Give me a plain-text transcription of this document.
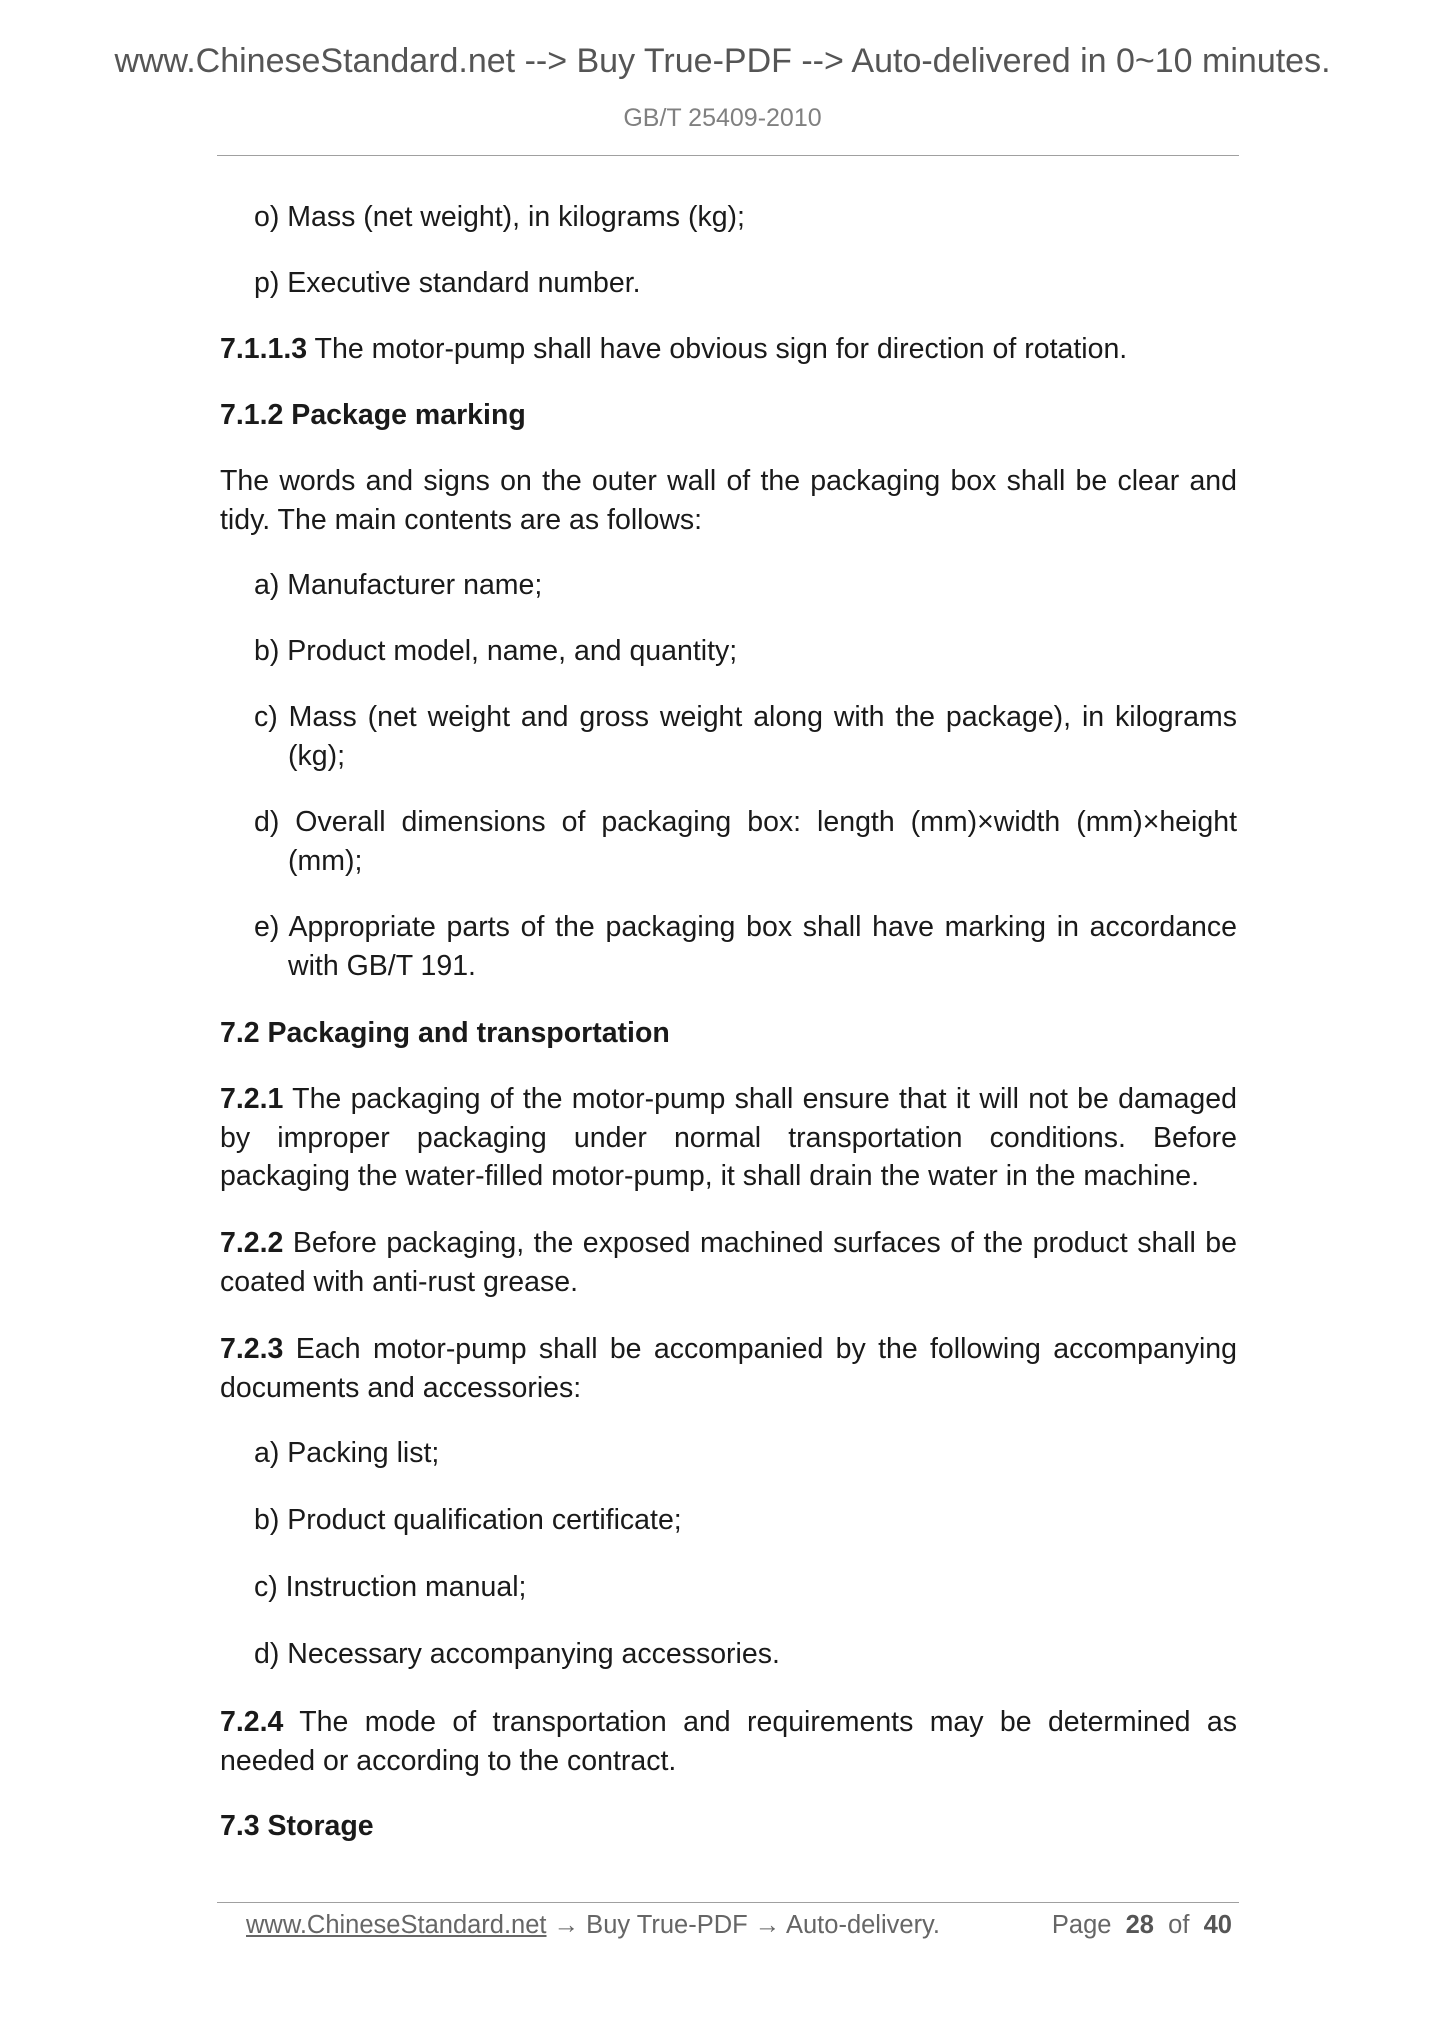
www.ChineseStandard.net --> Buy True-PDF --> Auto-delivered in 0~10 minutes.
GB/T 25409-2010
o) Mass (net weight), in kilograms (kg);
p) Executive standard number.
7.1.1.3 The motor-pump shall have obvious sign for direction of rotation.
7.1.2 Package marking
The words and signs on the outer wall of the packaging box shall be clear and tidy. The main contents are as follows:
a) Manufacturer name;
b) Product model, name, and quantity;
c) Mass (net weight and gross weight along with the package), in kilograms (kg);
d) Overall dimensions of packaging box: length (mm)×width (mm)×height (mm);
e) Appropriate parts of the packaging box shall have marking in accordance with GB/T 191.
7.2 Packaging and transportation
7.2.1 The packaging of the motor-pump shall ensure that it will not be damaged by improper packaging under normal transportation conditions. Before packaging the water-filled motor-pump, it shall drain the water in the machine.
7.2.2 Before packaging, the exposed machined surfaces of the product shall be coated with anti-rust grease.
7.2.3 Each motor-pump shall be accompanied by the following accompanying documents and accessories:
a) Packing list;
b) Product qualification certificate;
c) Instruction manual;
d) Necessary accompanying accessories.
7.2.4 The mode of transportation and requirements may be determined as needed or according to the contract.
7.3 Storage
www.ChineseStandard.net → Buy True-PDF → Auto-delivery.	Page 28 of 40
